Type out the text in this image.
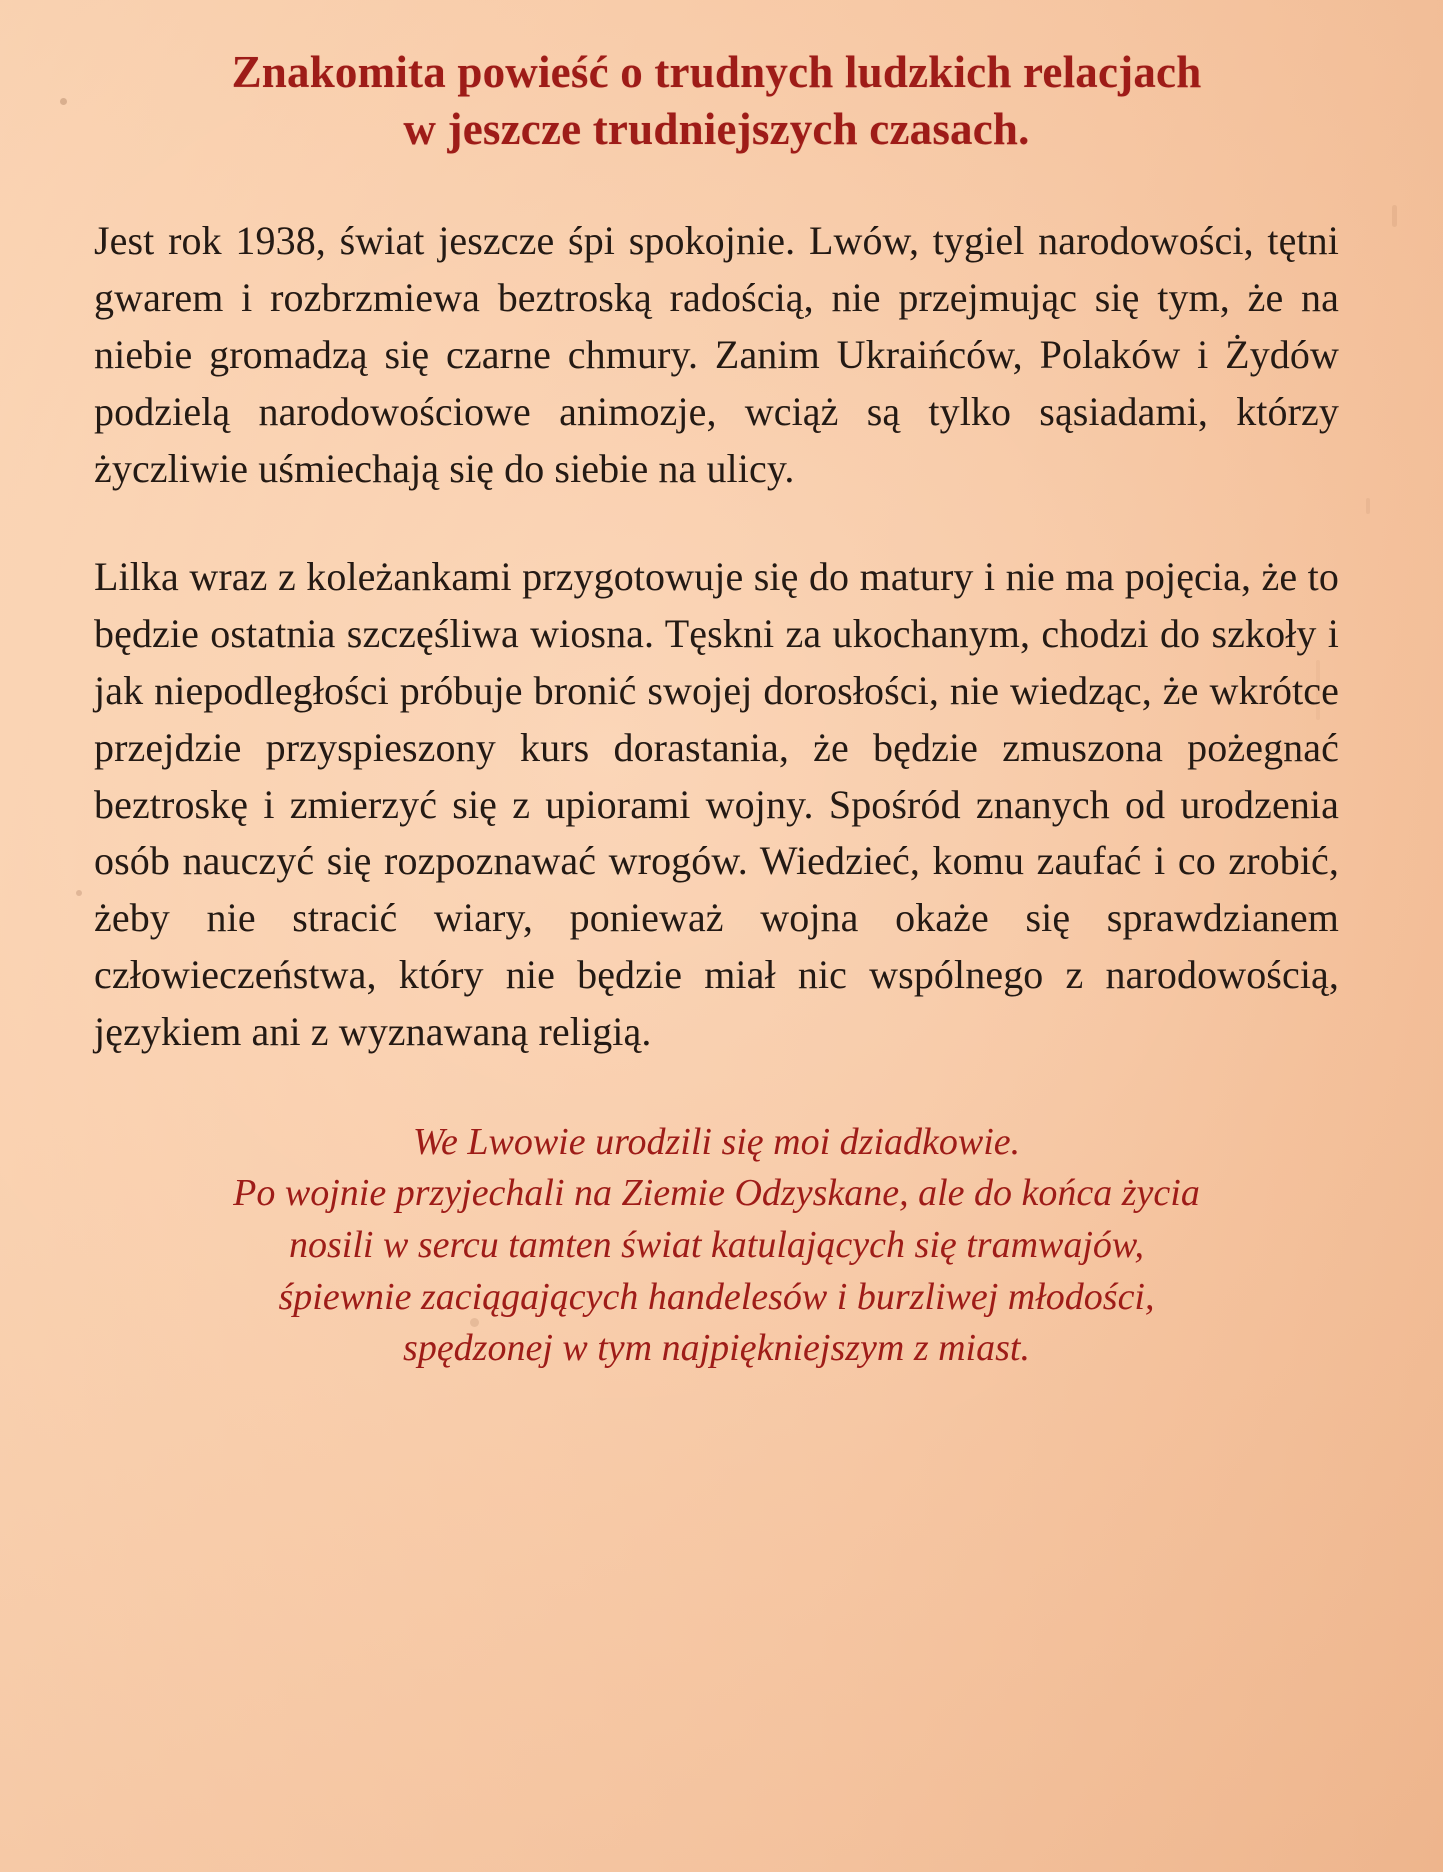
Znakomita powieść o trudnych ludzkich relacjach
w jeszcze trudniejszych czasach.

Jest rok 1938, świat jeszcze śpi spokojnie. Lwów, tygiel narodowości, tętni gwarem i rozbrzmiewa beztroską radością, nie przejmując się tym, że na niebie gromadzą się czarne chmury. Zanim Ukraińców, Polaków i Żydów podzielą narodowościowe animozje, wciąż są tylko sąsiadami, którzy życzliwie uśmiechają się do siebie na ulicy.

Lilka wraz z koleżankami przygotowuje się do matury i nie ma pojęcia, że to będzie ostatnia szczęśliwa wiosna. Tęskni za ukochanym, chodzi do szkoły i jak niepodległości próbuje bronić swojej dorosłości, nie wiedząc, że wkrótce przejdzie przyspieszony kurs dorastania, że będzie zmuszona pożegnać beztroskę i zmierzyć się z upiorami wojny. Spośród znanych od urodzenia osób nauczyć się rozpoznawać wrogów. Wiedzieć, komu zaufać i co zrobić, żeby nie stracić wiary, ponieważ wojna okaże się sprawdzianem człowieczeństwa, który nie będzie miał nic wspólnego z narodowością, językiem ani z wyznawaną religią.

We Lwowie urodzili się moi dziadkowie.
Po wojnie przyjechali na Ziemie Odzyskane, ale do końca życia
nosili w sercu tamten świat katulających się tramwajów,
śpiewnie zaciągających handelesów i burzliwej młodości,
spędzonej w tym najpiękniejszym z miast.
